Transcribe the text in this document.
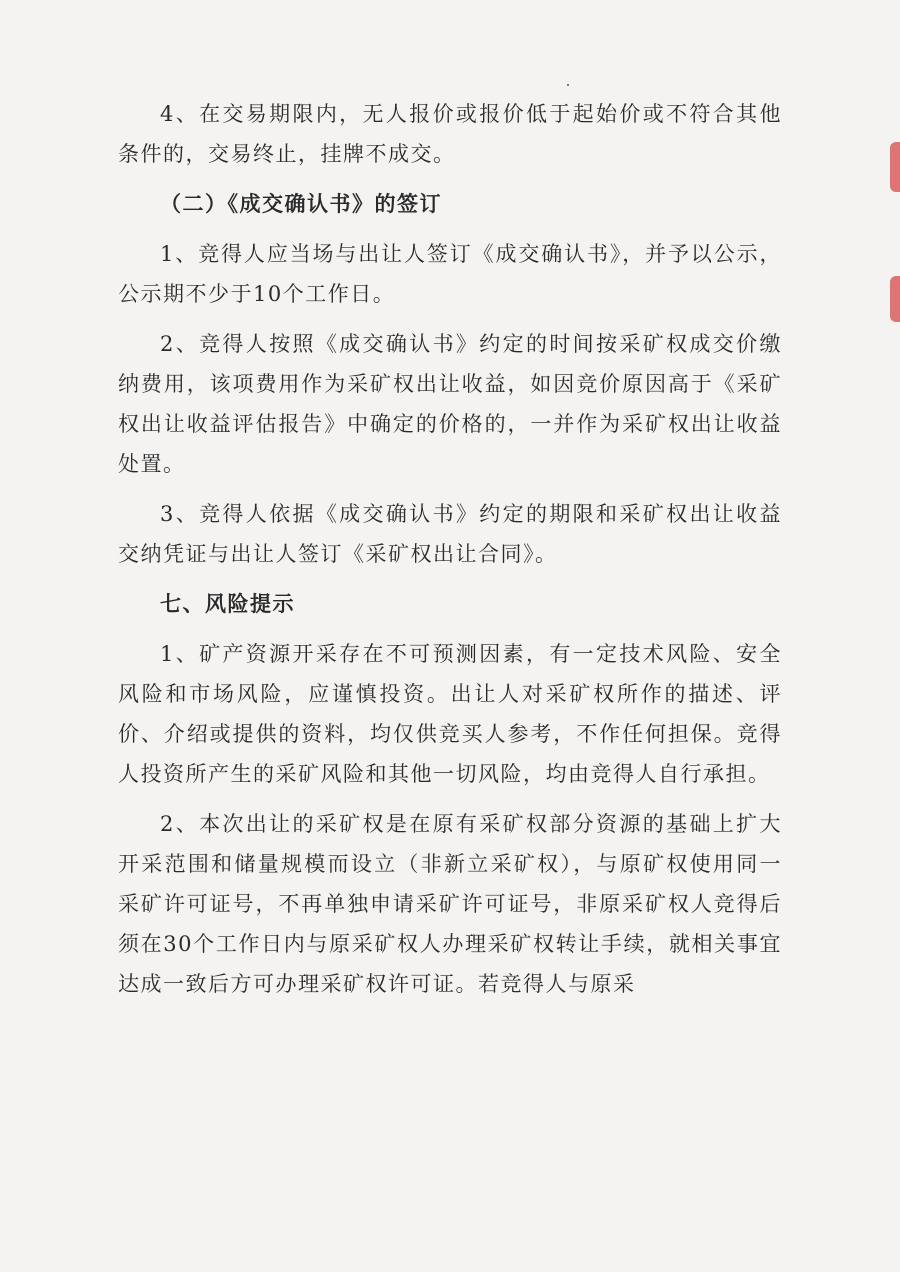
4、在交易期限内，无人报价或报价低于起始价或不符合其他条件的，交易终止，挂牌不成交。

（二）《成交确认书》的签订

1、竞得人应当场与出让人签订《成交确认书》，并予以公示，公示期不少于10个工作日。

2、竞得人按照《成交确认书》约定的时间按采矿权成交价缴纳费用，该项费用作为采矿权出让收益，如因竞价原因高于《采矿权出让收益评估报告》中确定的价格的，一并作为采矿权出让收益处置。

3、竞得人依据《成交确认书》约定的期限和采矿权出让收益交纳凭证与出让人签订《采矿权出让合同》。

七、风险提示

1、矿产资源开采存在不可预测因素，有一定技术风险、安全风险和市场风险，应谨慎投资。出让人对采矿权所作的描述、评价、介绍或提供的资料，均仅供竞买人参考，不作任何担保。竞得人投资所产生的采矿风险和其他一切风险，均由竞得人自行承担。

2、本次出让的采矿权是在原有采矿权部分资源的基础上扩大开采范围和储量规模而设立（非新立采矿权），与原矿权使用同一采矿许可证号，不再单独申请采矿许可证号，非原采矿权人竞得后须在30个工作日内与原采矿权人办理采矿权转让手续，就相关事宜达成一致后方可办理采矿权许可证。若竞得人与原采
